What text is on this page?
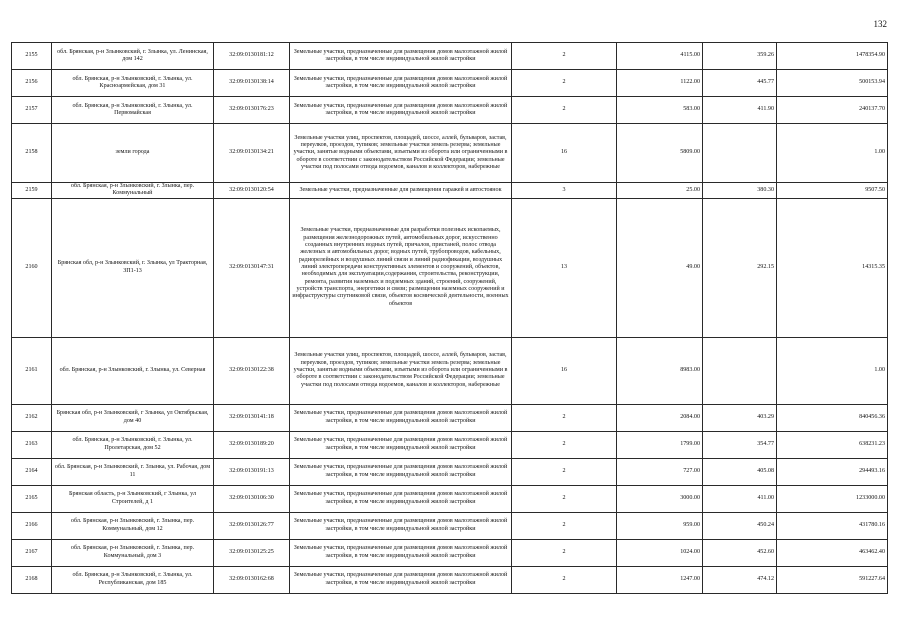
132
2155	обл. Брянская, р-н Злынковский, г. Злынка, ул. Ленинская, дом 142	32:09:0130181:12	Земельные участки, предназначенные для размещения домов малоэтажной жилой застройки, в том числе индивидуальной жилой застройки	2	4115.00	359.26	1478354.90
2156	обл. Брянская, р-н Злынковский, г. Злынка, ул. Красноармейская, дом 31	32:09:0130138:14	Земельные участки, предназначенные для размещения домов малоэтажной жилой застройки, в том числе индивидуальной жилой застройки	2	1122.00	445.77	500153.94
2157	обл. Брянская, р-н Злынковский, г. Злынка, ул. Первомайская	32:09:0130176:23	Земельные участки, предназначенные для размещения домов малоэтажной жилой застройки, в том числе индивидуальной жилой застройки	2	583.00	411.90	240137.70
2158	земли города	32:09:0130134:21	Земельные участки улиц, проспектов, площадей, шоссе, аллей, бульваров, застав, переулков, проездов, тупиков; земельные участки земель резерва; земельные участки, занятые водными объектами, изъятыми из оборота или ограниченными в обороте в соответствии с законодательством Российской Федерации; земельные участки под полосами отвода водоемов, каналов и коллекторов, набережные	16	5809.00		1.00
2159	обл. Брянская, р-н Злынковский, г. Злынка, пер. Коммунальный	32:09:0130120:54	Земельные участки, предназначенные для размещения гаражей и автостоянок	3	25.00	380.30	9507.50
2160	Брянская обл, р-н Злынковский, г. Злынка, ул Тракторная, ЗП1-13	32:09:0130147:31	Земельные участки, предназначенные для разработки полезных ископаемых, размещения железнодорожных путей, автомобильных дорог, искусственно созданных внутренних водных путей, причалов, пристаней, полос отвода железных и автомобильных дорог, водных путей, трубопроводов, кабельных, радиорелейных и воздушных линий связи и линий радиофикации, воздушных линий электропередачи конструктивных элементов и сооружений, объектов, необходимых для эксплуатации,содержания, строительства, реконструкции, ремонта, развития наземных и подземных зданий, строений, сооружений, устройств транспорта, энергетики и связи; размещения наземных сооружений и инфраструктуры спутниковой связи, объектов космической деятельности, военных объектов	13	49.00	292.15	14315.35
2161	обл. Брянская, р-н Злынковский, г. Злынка, ул. Северная	32:09:0130122:38	Земельные участки улиц, проспектов, площадей, шоссе, аллей, бульваров, застав, переулков, проездов, тупиков; земельные участки земель резерва; земельные участки, занятые водными объектами, изъятыми из оборота или ограниченными в обороте в соответствии с законодательством Российской Федерации; земельные участки под полосами отвода водоемов, каналов и коллекторов, набережные	16	8983.00		1.00
2162	Брянская обл, р-н Злынковский, г Злынка, ул Октябрьская, дом 40	32:09:0130141:18	Земельные участки, предназначенные для размещения домов малоэтажной жилой застройки, в том числе индивидуальной жилой застройки	2	2084.00	403.29	840456.36
2163	обл. Брянская, р-н Злынковский, г. Злынка, ул. Пролетарская, дом 52	32:09:0130189:20	Земельные участки, предназначенные для размещения домов малоэтажной жилой застройки, в том числе индивидуальной жилой застройки	2	1799.00	354.77	638231.23
2164	обл. Брянская, р-н Злынковский, г. Злынка, ул. Рабочая, дом 11	32:09:0130191:13	Земельные участки, предназначенные для размещения домов малоэтажной жилой застройки, в том числе индивидуальной жилой застройки	2	727.00	405.08	294493.16
2165	Брянская область, р-н Злынковский, г Злынка, ул Строителей, д 1	32:09:0130106:30	Земельные участки, предназначенные для размещения домов малоэтажной жилой застройки, в том числе индивидуальной жилой застройки	2	3000.00	411.00	1233000.00
2166	обл. Брянская, р-н Злынковский, г. Злынка, пер. Коммунальный, дом 12	32:09:0130126:77	Земельные участки, предназначенные для размещения домов малоэтажной жилой застройки, в том числе индивидуальной жилой застройки	2	959.00	450.24	431780.16
2167	обл. Брянская, р-н Злынковский, г. Злынка, пер. Коммунальный, дом 3	32:09:0130125:25	Земельные участки, предназначенные для размещения домов малоэтажной жилой застройки, в том числе индивидуальной жилой застройки	2	1024.00	452.60	463462.40
2168	обл. Брянская, р-н Злынковский, г. Злынка, ул. Республиканская, дом 185	32:09:0130162:68	Земельные участки, предназначенные для размещения домов малоэтажной жилой застройки, в том числе индивидуальной жилой застройки	2	1247.00	474.12	591227.64
